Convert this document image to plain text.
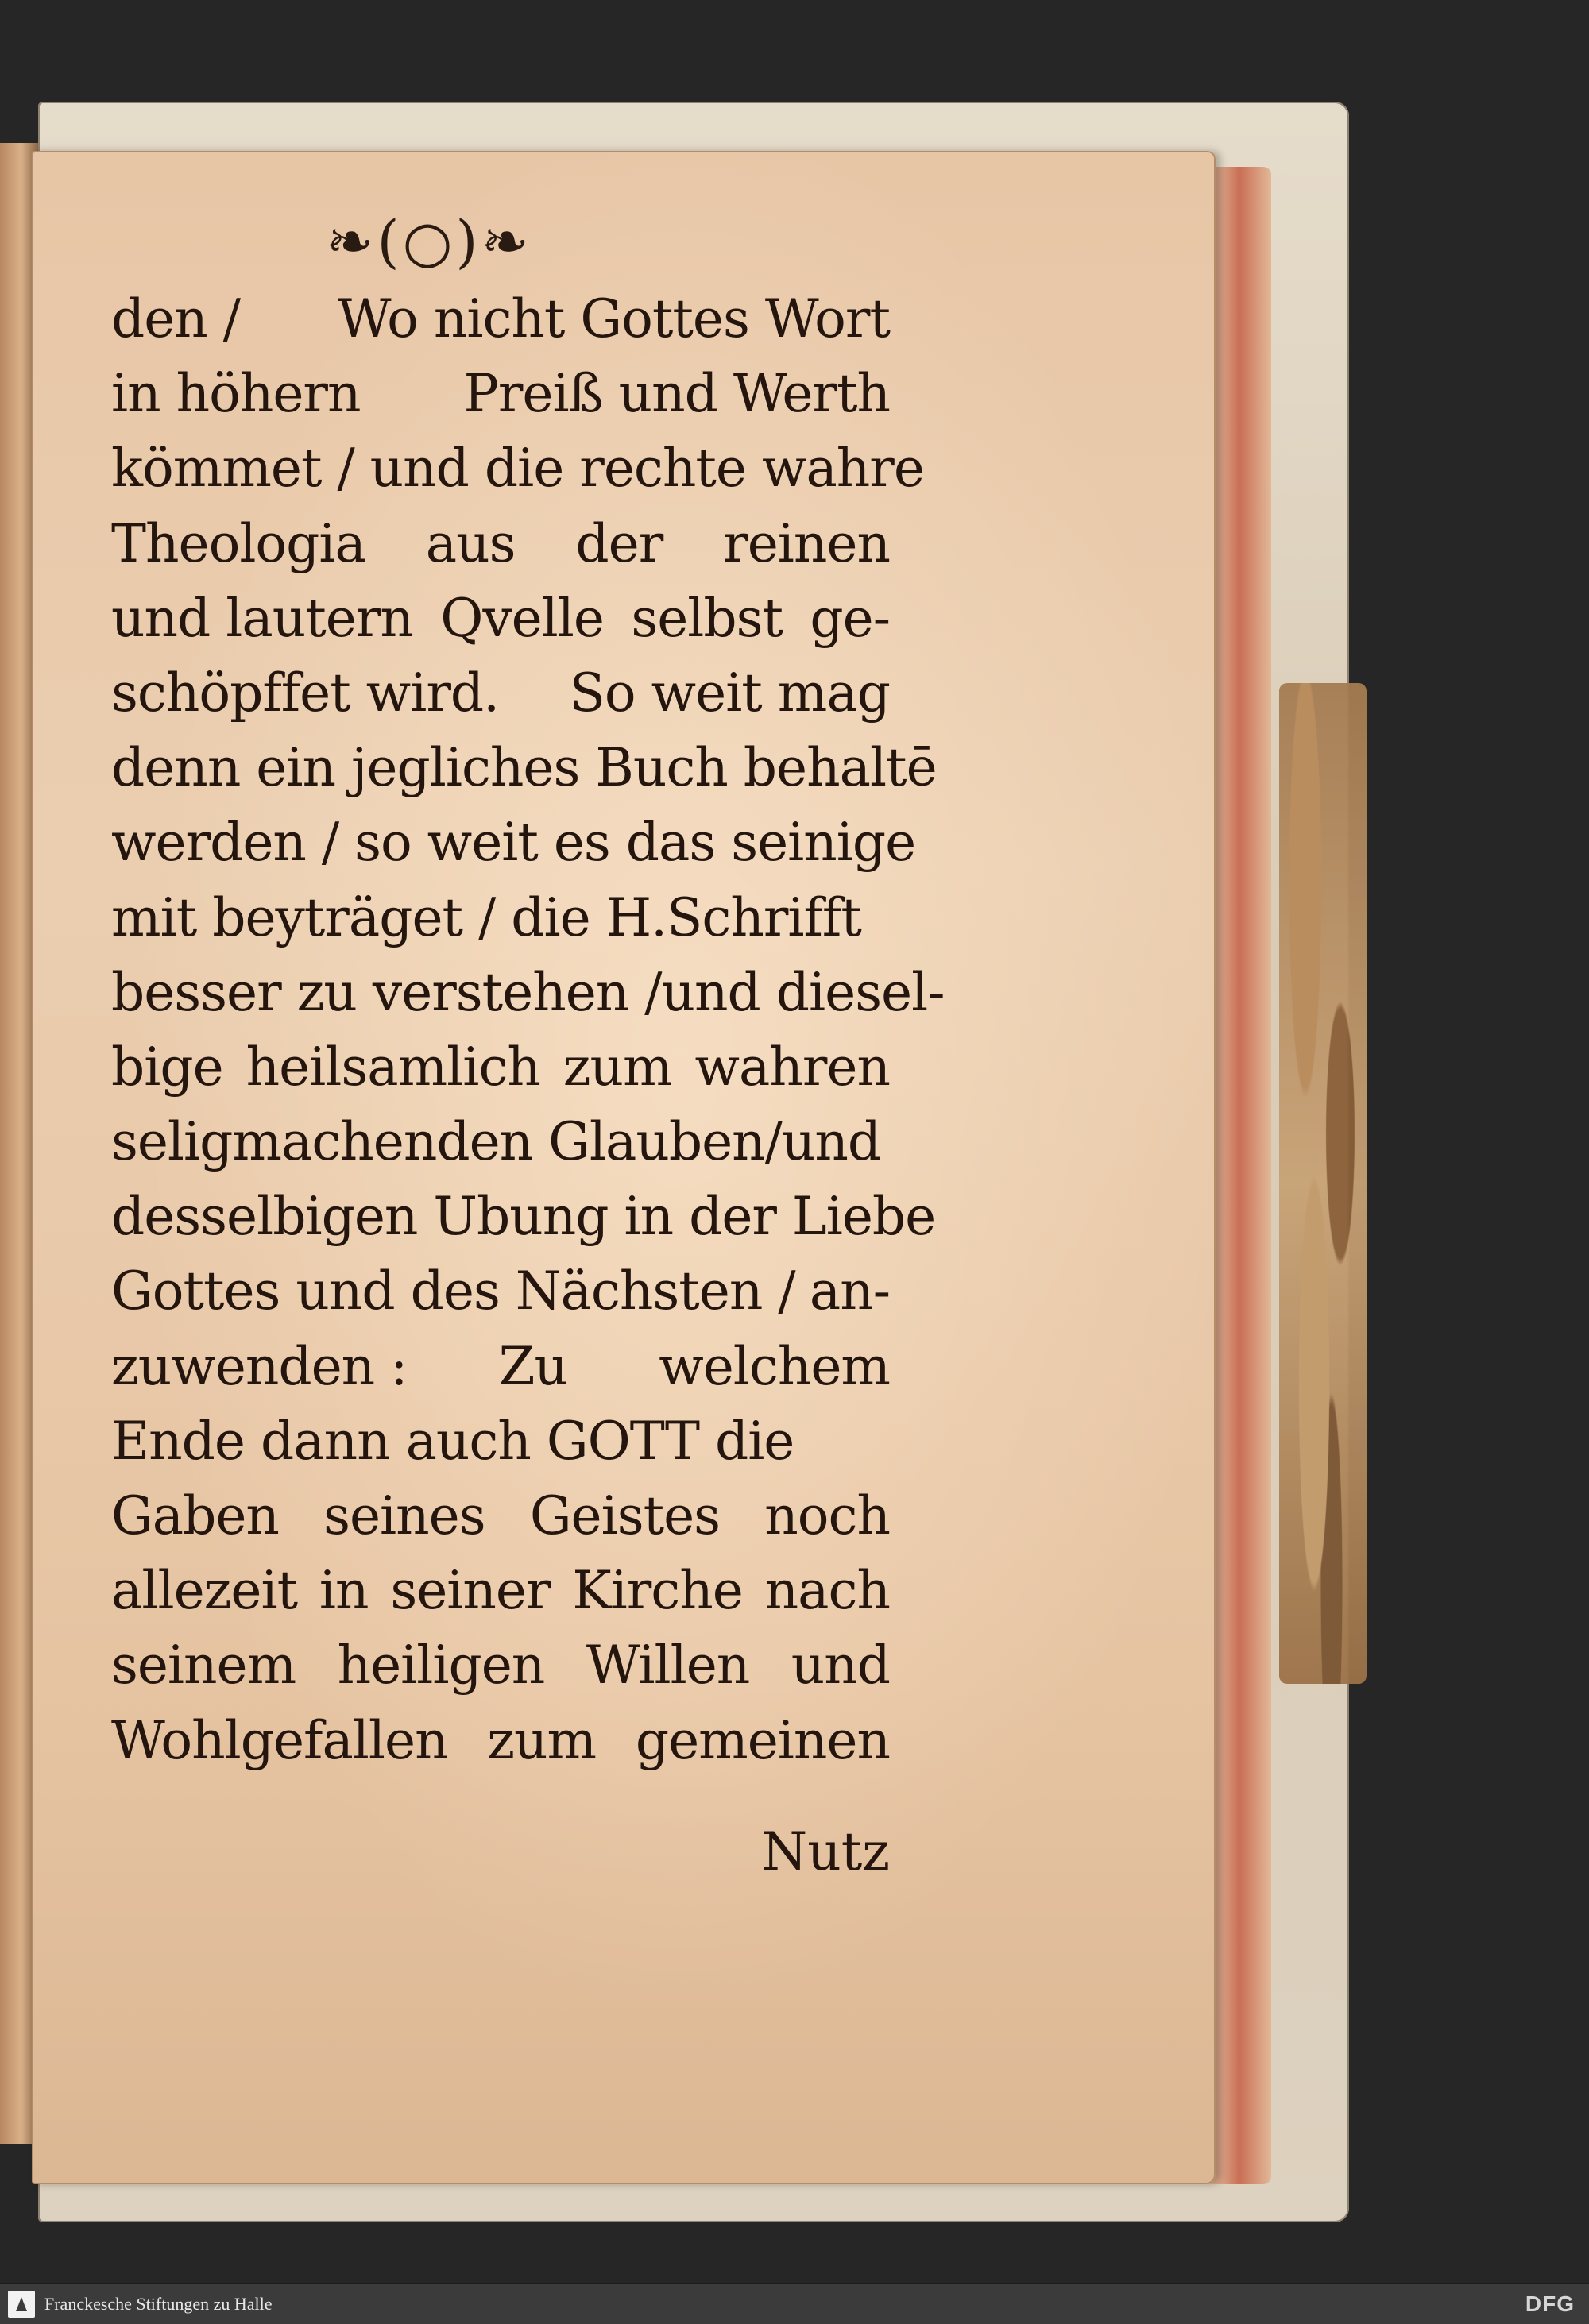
❧(○)❧
den / Wo nicht Gottes Wort
in höhern Preiß und Werth
kömmet / und die rechte wahre
Theologia aus der reinen
und lautern Qvelle selbst ge-
schöpffet wird. So weit mag
denn ein jegliches Buch behaltē
werden / so weit es das seinige
mit beyträget / die H.Schrifft
besser zu verstehen / und diesel-
bige heilsamlich zum wahren
seligmachenden Glauben/und
desselbigen Ubung in der Liebe
Gottes und des Nächsten / an-
zuwenden : Zu welchem
Ende dann auch GOTT die
Gaben seines Geistes noch
allezeit in seiner Kirche nach
seinem heiligen Willen und
Wohlgefallen zum gemeinen
Nutz
Franckesche Stiftungen zu Halle	DFG
